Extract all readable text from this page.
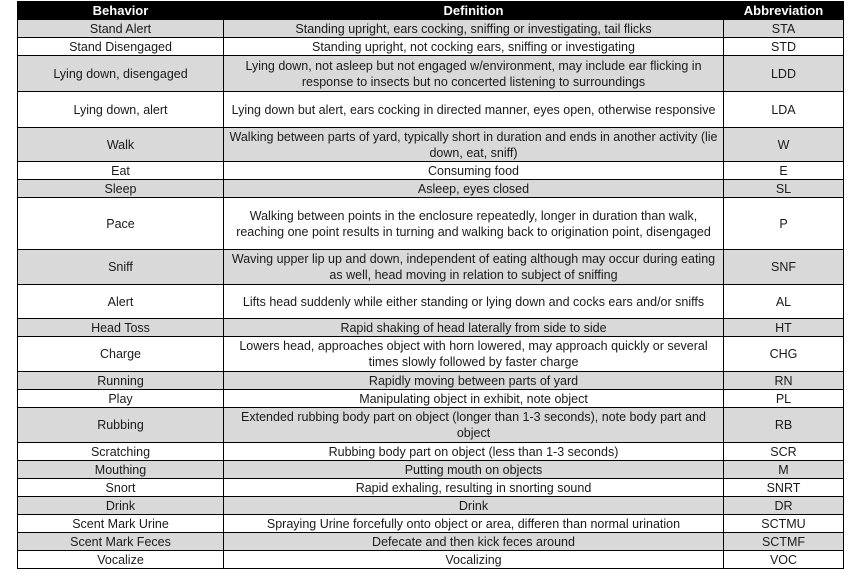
Behavior	Definition	Abbreviation
Stand Alert	Standing upright, ears cocking, sniffing or investigating, tail flicks	STA
Stand Disengaged	Standing upright, not cocking ears, sniffing or investigating	STD
Lying down, disengaged	Lying down, not asleep but not engaged w/environment, may include ear flicking in response to insects but no concerted listening to surroundings	LDD
Lying down, alert	Lying down but alert, ears cocking in directed manner, eyes open, otherwise responsive	LDA
Walk	Walking between parts of yard, typically short in duration and ends in another activity (lie down, eat, sniff)	W
Eat	Consuming food	E
Sleep	Asleep, eyes closed	SL
Pace	Walking between points in the enclosure repeatedly, longer in duration than walk, reaching one point results in turning and walking back to origination point, disengaged	P
Sniff	Waving upper lip up and down, independent of eating although may occur during eating as well, head moving in relation to subject of sniffing	SNF
Alert	Lifts head suddenly while either standing or lying down and cocks ears and/or sniffs	AL
Head Toss	Rapid shaking of head laterally from side to side	HT
Charge	Lowers head, approaches object with horn lowered, may approach quickly or several times slowly followed by faster charge	CHG
Running	Rapidly moving between parts of yard	RN
Play	Manipulating object in exhibit, note object	PL
Rubbing	Extended rubbing body part on object (longer than 1-3 seconds), note body part and object	RB
Scratching	Rubbing body part on object (less than 1-3 seconds)	SCR
Mouthing	Putting mouth on objects	M
Snort	Rapid exhaling, resulting in snorting sound	SNRT
Drink	Drink	DR
Scent Mark Urine	Spraying Urine forcefully onto object or area, differen than normal urination	SCTMU
Scent Mark Feces	Defecate and then kick feces around	SCTMF
Vocalize	Vocalizing	VOC
